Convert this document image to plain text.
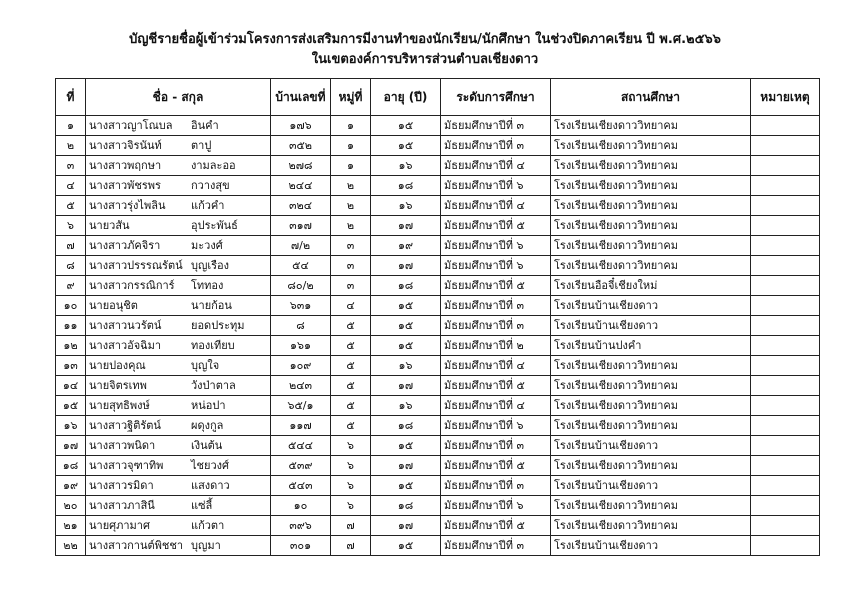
บัญชีรายชื่อผู้เข้าร่วมโครงการส่งเสริมการมีงานทำของนักเรียน/นักศึกษา ในช่วงปิดภาคเรียน ปี พ.ศ.๒๕๖๖
ในเขตองค์การบริหารส่วนตำบลเชียงดาว
ที่	ชื่อ - สกุล	บ้านเลขที่	หมู่ที่	อายุ (ปี)	ระดับการศึกษา	สถานศึกษา	หมายเหตุ
๑	นางสาวญาโณบล อินคำ	๑๗๖	๑	๑๕	มัธยมศึกษาปีที่ ๓	โรงเรียนเชียงดาววิทยาคม	
๒	นางสาวจิรนันท์ ตาปู	๓๕๒	๑	๑๕	มัธยมศึกษาปีที่ ๓	โรงเรียนเชียงดาววิทยาคม	
๓	นางสาวพฤกษา งามละออ	๒๗๘	๑	๑๖	มัธยมศึกษาปีที่ ๔	โรงเรียนเชียงดาววิทยาคม	
๔	นางสาวพัชรพร กวางสุข	๒๔๔	๒	๑๘	มัธยมศึกษาปีที่ ๖	โรงเรียนเชียงดาววิทยาคม	
๕	นางสาวรุ่งไพลิน แก้วคำ	๓๒๔	๒	๑๖	มัธยมศึกษาปีที่ ๔	โรงเรียนเชียงดาววิทยาคม	
๖	นายวสัน อุประพันธ์	๓๑๗	๒	๑๗	มัธยมศึกษาปีที่ ๕	โรงเรียนเชียงดาววิทยาคม	
๗	นางสาวภัคจิรา มะวงศ์	๗/๒	๓	๑๙	มัธยมศึกษาปีที่ ๖	โรงเรียนเชียงดาววิทยาคม	
๘	นางสาวปรรรณรัตน์ บุญเรือง	๕๔	๓	๑๗	มัธยมศึกษาปีที่ ๖	โรงเรียนเชียงดาววิทยาคม	
๙	นางสาวกรรณิการ์ โททอง	๘๐/๒	๓	๑๘	มัธยมศึกษาปีที่ ๕	โรงเรียนอือจี๋เชียงใหม่	
๑๐	นายอนุชิต นายก้อน	๖๓๑	๔	๑๕	มัธยมศึกษาปีที่ ๓	โรงเรียนบ้านเชียงดาว	
๑๑	นางสาวนวรัตน์ ยอดประทุม	๘	๕	๑๕	มัธยมศึกษาปีที่ ๓	โรงเรียนบ้านเชียงดาว	
๑๒	นางสาวอัจฉิมา ทองเทียบ	๑๖๑	๕	๑๕	มัธยมศึกษาปีที่ ๒	โรงเรียนบ้านปงคำ	
๑๓	นายปองคุณ บุญใจ	๑๐๙	๕	๑๖	มัธยมศึกษาปีที่ ๔	โรงเรียนเชียงดาววิทยาคม	
๑๔	นายจิตรเทพ วังป่าตาล	๒๔๓	๕	๑๗	มัธยมศึกษาปีที่ ๕	โรงเรียนเชียงดาววิทยาคม	
๑๕	นายสุทธิพงษ์ หน่อปา	๖๕/๑	๕	๑๖	มัธยมศึกษาปีที่ ๔	โรงเรียนเชียงดาววิทยาคม	
๑๖	นางสาวฐิติรัตน์ ผดุงกูล	๑๑๗	๕	๑๘	มัธยมศึกษาปีที่ ๖	โรงเรียนเชียงดาววิทยาคม	
๑๗	นางสาวพนิดา เงินต้น	๕๔๔	๖	๑๕	มัธยมศึกษาปีที่ ๓	โรงเรียนบ้านเชียงดาว	
๑๘	นางสาวจุฑาทิพ ไชยวงศ์	๕๓๙	๖	๑๗	มัธยมศึกษาปีที่ ๕	โรงเรียนเชียงดาววิทยาคม	
๑๙	นางสาวรมิดา แสงดาว	๕๔๓	๖	๑๕	มัธยมศึกษาปีที่ ๓	โรงเรียนบ้านเชียงดาว	
๒๐	นางสาวภาสินี แซ่ลี้	๑๐	๖	๑๘	มัธยมศึกษาปีที่ ๖	โรงเรียนเชียงดาววิทยาคม	
๒๑	นายศุภามาศ แก้วตา	๓๙๖	๗	๑๗	มัธยมศึกษาปีที่ ๕	โรงเรียนเชียงดาววิทยาคม	
๒๒	นางสาวกานต์พิชชา บุญมา	๓๐๑	๗	๑๕	มัธยมศึกษาปีที่ ๓	โรงเรียนบ้านเชียงดาว	
